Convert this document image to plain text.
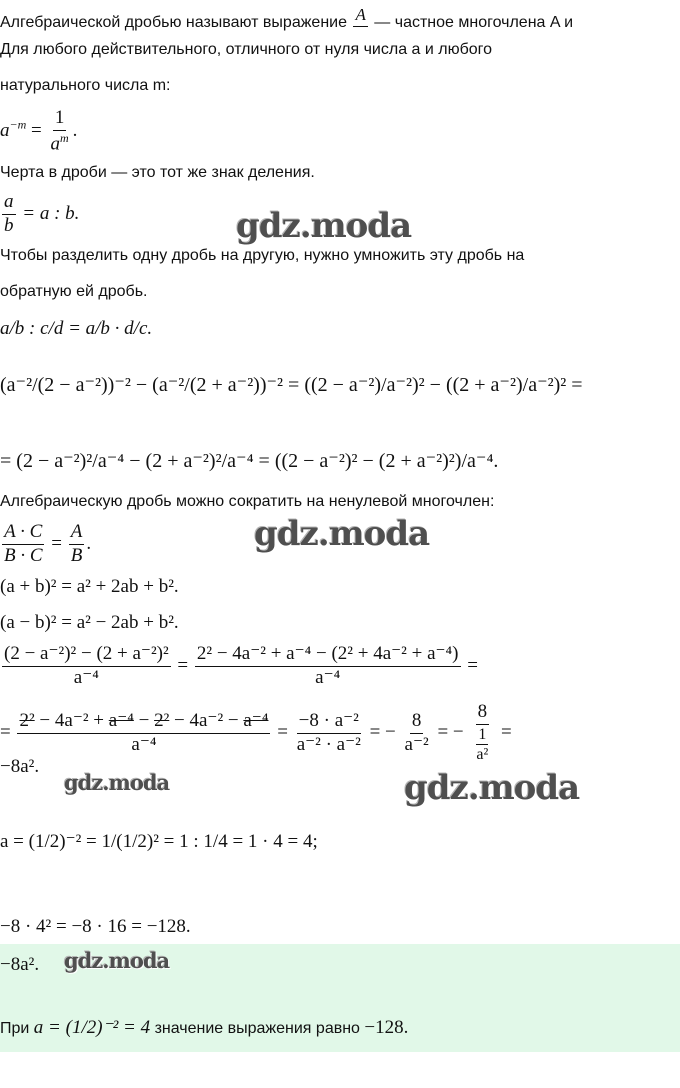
Алгебраической дробью называют выражение A — частное многочлена A и
Для любого действительного, отличного от нуля числа a и любого
натурального числа m:
$a^{-m} = \frac{1}{a^m}$ .
Черта в дроби — это тот же знак деления.
$\frac{a}{b} = a$ : b.
Чтобы разделить одну дробь на другую, нужно умножить эту дробь на
обратную ей дробь.
a/b : c/d = a/b · d/c.
(a⁻²/(2 − a⁻²))⁻² − (a⁻²/(2 + a⁻²))⁻² = ((2 − a⁻²)/a⁻²)² − ((2 + a⁻²)/a⁻²)² =
= (2 − a⁻²)²/a⁻⁴ − (2 + a⁻²)²/a⁻⁴ = ((2 − a⁻²)² − (2 + a⁻²)²)/a⁻⁴.
Алгебраическую дробь можно сократить на ненулевой многочлен:
$\frac{A \cdot C}{B \cdot C} = \frac{A}{B}$ .
(a + b)² = a² + 2ab + b².
(a − b)² = a² − 2ab + b².
$\frac{\text{(2 − a⁻²)² − (2 + a⁻²)²}}{\text{a⁻⁴}} = \frac{\text{2² − 4a⁻² + a⁻⁴ − (2² + 4a⁻² + a⁻⁴)}}{\text{a⁻⁴}}$ =
= $\frac{\text{2² − 4a⁻² + a⁻⁴ − 2² − 4a⁻² − a⁻⁴}}{\text{a⁻⁴}} = \frac{\text{−8 · a⁻²}}{\text{a⁻² · a⁻²}}$ = − $\frac{8}{\text{a⁻²}}$ = − $\frac{8}{\frac{1}{\text{a²}}}$ =
−8a².
a = (1/2)⁻² = 1/(1/2)² = 1 : 1/4 = 1 · 4 = 4;
−8 · 4² = −8 · 16 = −128.
−8a².
При a = (1/2)⁻² = 4 значение выражения равно −128.
gdz.moda
gdz.moda
gdz.moda	gdz.moda
gdz.moda
